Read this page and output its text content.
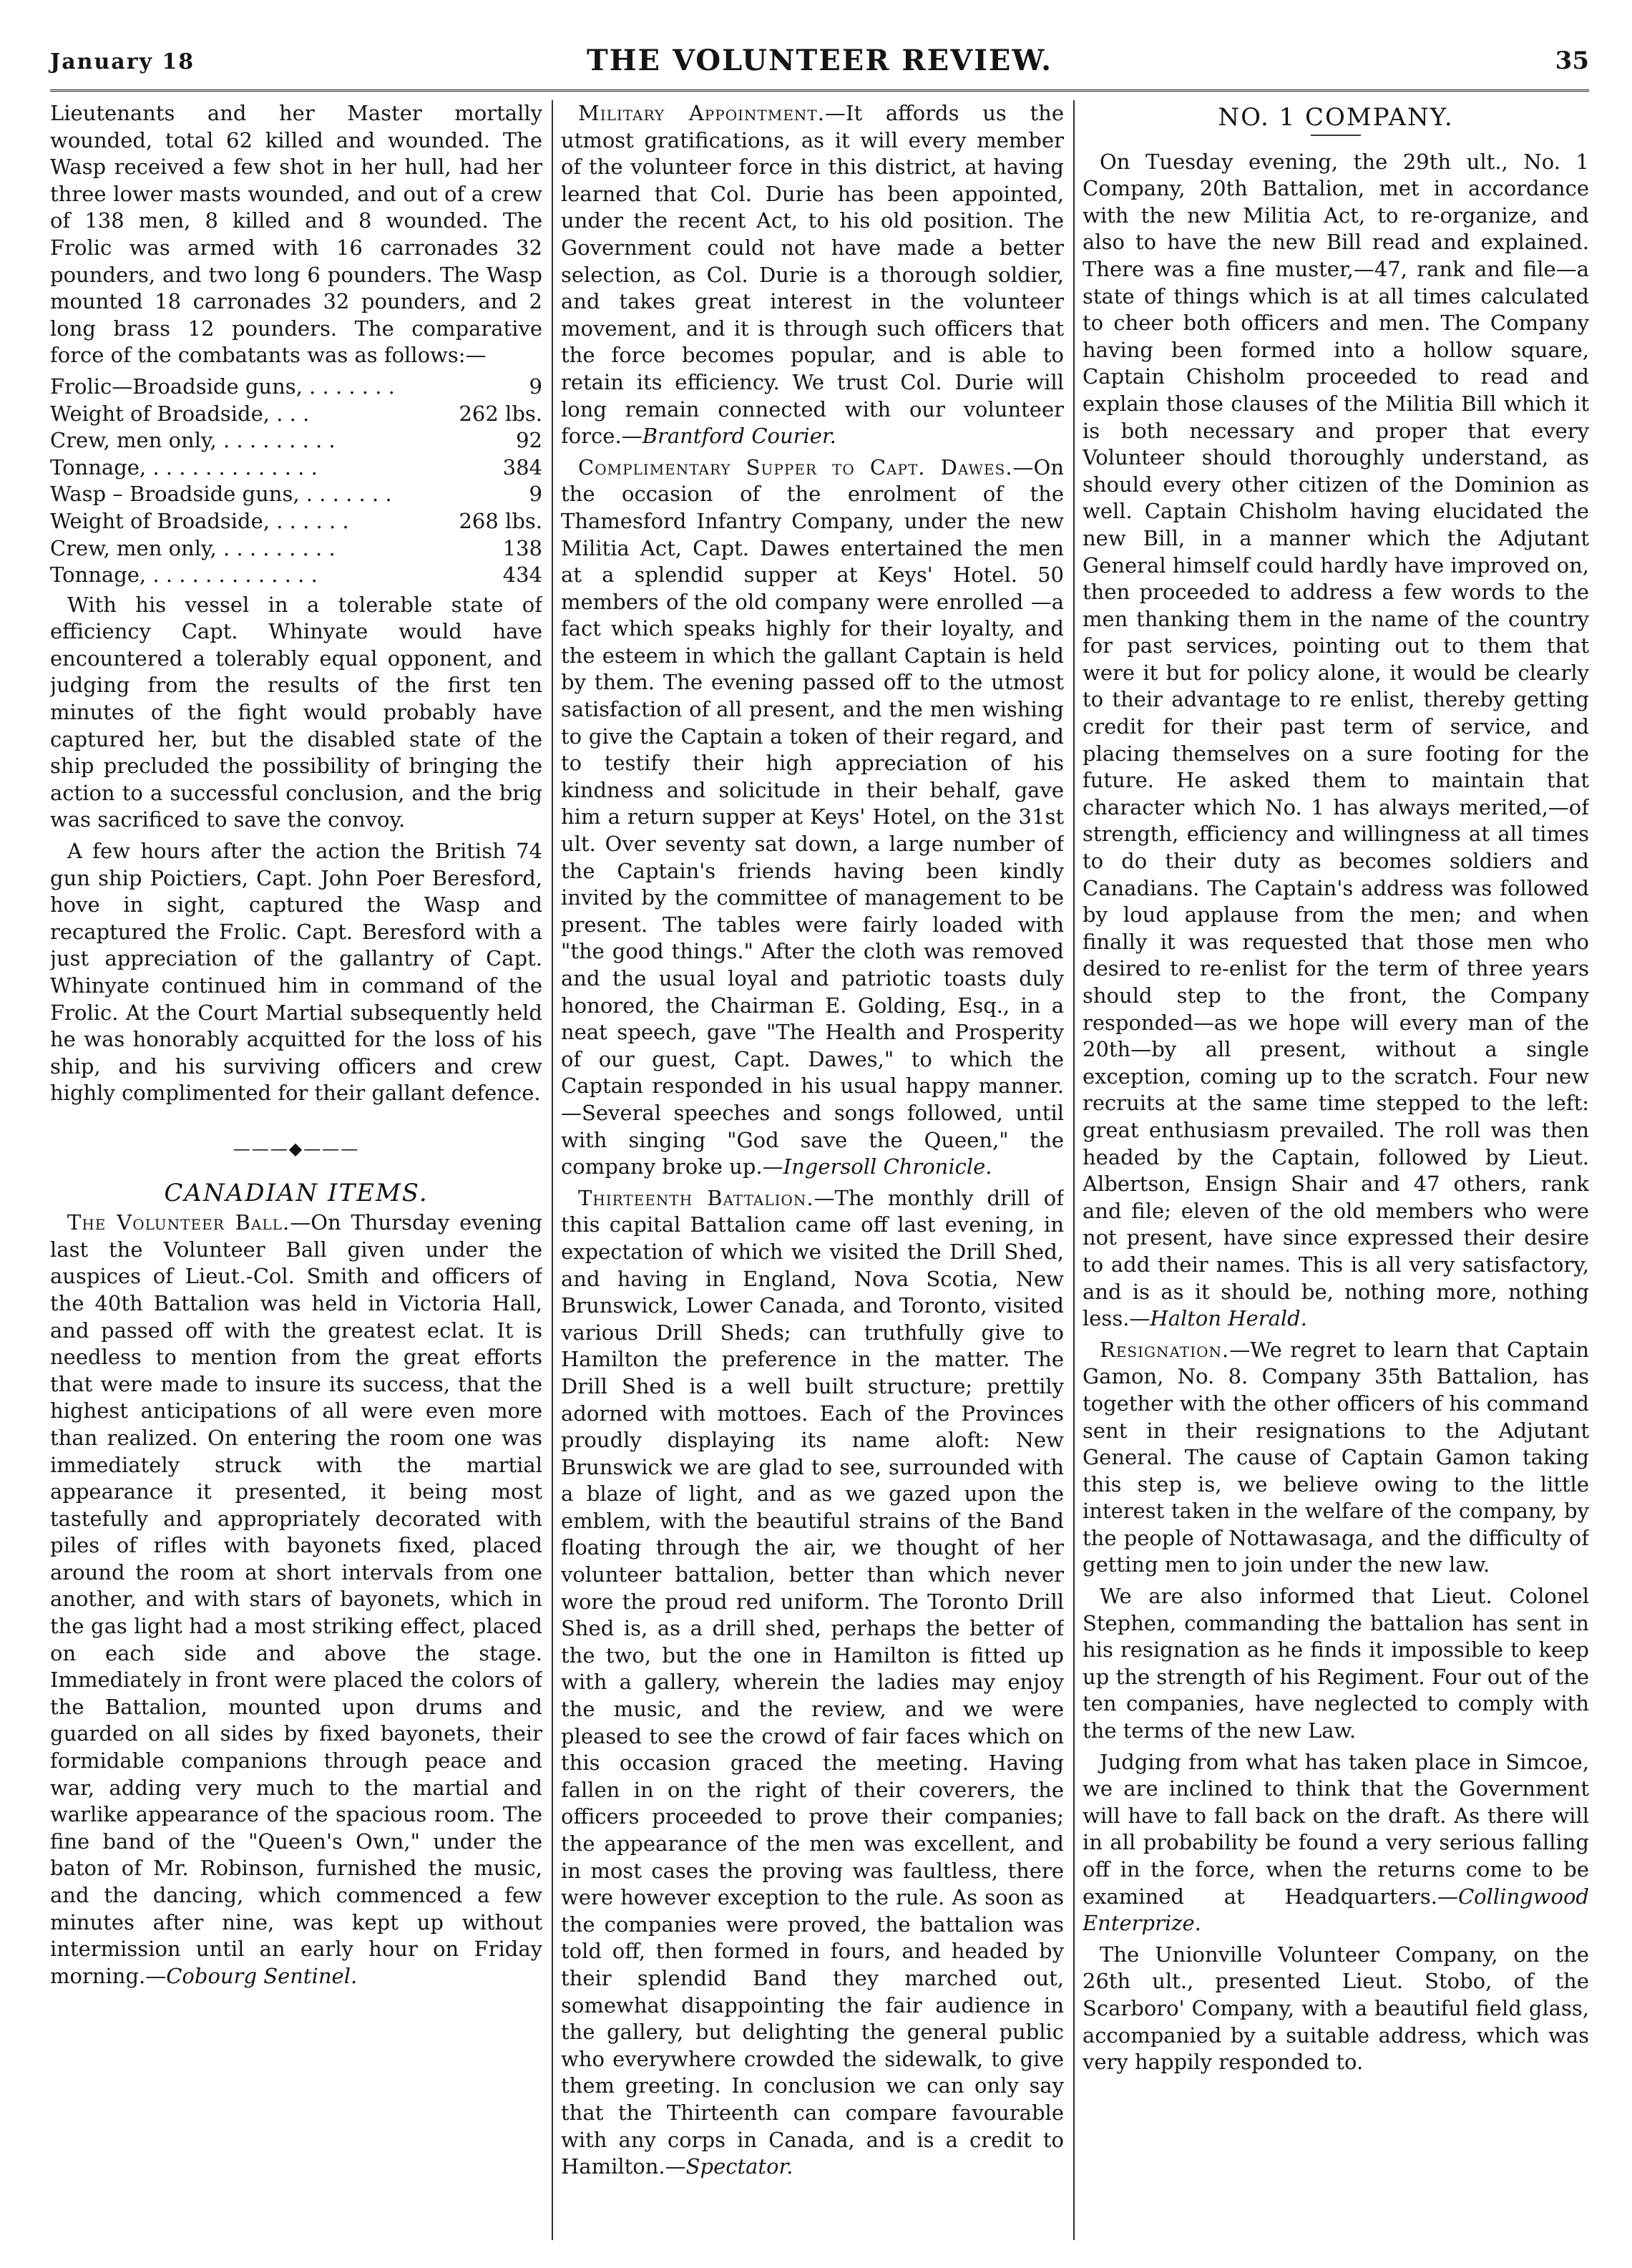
January 18	THE VOLUNTEER REVIEW.	35

Lieutenants and her Master mortally wounded, total 62 killed and wounded. The Wasp received a few shot in her hull, had her three lower masts wounded, and out of a crew of 138 men, 8 killed and 8 wounded. The Frolic was armed with 16 carronades 32 pounders, and two long 6 pounders. The Wasp mounted 18 carronades 32 pounders, and 2 long brass 12 pounders. The comparative force of the combatants was as follows:—

Frolic—Broadside guns, . . . . . . .	9
Weight of Broadside, . . .	262 lbs.
Crew, men only, . . . . . . . . .	92
Tonnage, . . . . . . . . . . . . .	384
Wasp – Broadside guns, . . . . . . .	9
Weight of Broadside, . . . . . .	268 lbs.
Crew, men only, . . . . . . . . .	138
Tonnage, . . . . . . . . . . . . .	434

With his vessel in a tolerable state of efficiency Capt. Whinyate would have encountered a tolerably equal opponent, and judging from the results of the first ten minutes of the fight would probably have captured her, but the disabled state of the ship precluded the possibility of bringing the action to a successful conclusion, and the brig was sacrificed to save the convoy.

A few hours after the action the British 74 gun ship Poictiers, Capt. John Poer Beresford, hove in sight, captured the Wasp and recaptured the Frolic. Capt. Beresford with a just appreciation of the gallantry of Capt. Whinyate continued him in command of the Frolic. At the Court Martial subsequently held he was honorably acquitted for the loss of his ship, and his surviving officers and crew highly complimented for their gallant defence.

———◆———
CANADIAN ITEMS.

The Volunteer Ball.—On Thursday evening last the Volunteer Ball given under the auspices of Lieut.-Col. Smith and officers of the 40th Battalion was held in Victoria Hall, and passed off with the greatest eclat. It is needless to mention from the great efforts that were made to insure its success, that the highest anticipations of all were even more than realized. On entering the room one was immediately struck with the martial appearance it presented, it being most tastefully and appropriately decorated with piles of rifles with bayonets fixed, placed around the room at short intervals from one another, and with stars of bayonets, which in the gas light had a most striking effect, placed on each side and above the stage. Immediately in front were placed the colors of the Battalion, mounted upon drums and guarded on all sides by fixed bayonets, their formidable companions through peace and war, adding very much to the martial and warlike appearance of the spacious room. The fine band of the "Queen's Own," under the baton of Mr. Robinson, furnished the music, and the dancing, which commenced a few minutes after nine, was kept up without intermission until an early hour on Friday morning.—Cobourg Sentinel.

Military Appointment.—It affords us the utmost gratifications, as it will every member of the volunteer force in this district, at having learned that Col. Durie has been appointed, under the recent Act, to his old position. The Government could not have made a better selection, as Col. Durie is a thorough soldier, and takes great interest in the volunteer movement, and it is through such officers that the force becomes popular, and is able to retain its efficiency. We trust Col. Durie will long remain connected with our volunteer force.—Brantford Courier.

Complimentary Supper to Capt. Dawes.—On the occasion of the enrolment of the Thamesford Infantry Company, under the new Militia Act, Capt. Dawes entertained the men at a splendid supper at Keys' Hotel. 50 members of the old company were enrolled —a fact which speaks highly for their loyalty, and the esteem in which the gallant Captain is held by them. The evening passed off to the utmost satisfaction of all present, and the men wishing to give the Captain a token of their regard, and to testify their high appreciation of his kindness and solicitude in their behalf, gave him a return supper at Keys' Hotel, on the 31st ult. Over seventy sat down, a large number of the Captain's friends having been kindly invited by the committee of management to be present. The tables were fairly loaded with "the good things." After the cloth was removed and the usual loyal and patriotic toasts duly honored, the Chairman E. Golding, Esq., in a neat speech, gave "The Health and Prosperity of our guest, Capt. Dawes," to which the Captain responded in his usual happy manner.—Several speeches and songs followed, until with singing "God save the Queen," the company broke up.—Ingersoll Chronicle.

Thirteenth Battalion.—The monthly drill of this capital Battalion came off last evening, in expectation of which we visited the Drill Shed, and having in England, Nova Scotia, New Brunswick, Lower Canada, and Toronto, visited various Drill Sheds; can truthfully give to Hamilton the preference in the matter. The Drill Shed is a well built structure; prettily adorned with mottoes. Each of the Provinces proudly displaying its name aloft: New Brunswick we are glad to see, surrounded with a blaze of light, and as we gazed upon the emblem, with the beautiful strains of the Band floating through the air, we thought of her volunteer battalion, better than which never wore the proud red uniform. The Toronto Drill Shed is, as a drill shed, perhaps the better of the two, but the one in Hamilton is fitted up with a gallery, wherein the ladies may enjoy the music, and the review, and we were pleased to see the crowd of fair faces which on this occasion graced the meeting. Having fallen in on the right of their coverers, the officers proceeded to prove their companies; the appearance of the men was excellent, and in most cases the proving was faultless, there were however exception to the rule. As soon as the companies were proved, the battalion was told off, then formed in fours, and headed by their splendid Band they marched out, somewhat disappointing the fair audience in the gallery, but delighting the general public who everywhere crowded the sidewalk, to give them greeting. In conclusion we can only say that the Thirteenth can compare favourable with any corps in Canada, and is a credit to Hamilton.—Spectator.

NO. 1 COMPANY.

On Tuesday evening, the 29th ult., No. 1 Company, 20th Battalion, met in accordance with the new Militia Act, to re-organize, and also to have the new Bill read and explained. There was a fine muster,—47, rank and file—a state of things which is at all times calculated to cheer both officers and men. The Company having been formed into a hollow square, Captain Chisholm proceeded to read and explain those clauses of the Militia Bill which it is both necessary and proper that every Volunteer should thoroughly understand, as should every other citizen of the Dominion as well. Captain Chisholm having elucidated the new Bill, in a manner which the Adjutant General himself could hardly have improved on, then proceeded to address a few words to the men thanking them in the name of the country for past services, pointing out to them that were it but for policy alone, it would be clearly to their advantage to re enlist, thereby getting credit for their past term of service, and placing themselves on a sure footing for the future. He asked them to maintain that character which No. 1 has always merited,—of strength, efficiency and willingness at all times to do their duty as becomes soldiers and Canadians. The Captain's address was followed by loud applause from the men; and when finally it was requested that those men who desired to re-enlist for the term of three years should step to the front, the Company responded—as we hope will every man of the 20th—by all present, without a single exception, coming up to the scratch. Four new recruits at the same time stepped to the left: great enthusiasm prevailed. The roll was then headed by the Captain, followed by Lieut. Albertson, Ensign Shair and 47 others, rank and file; eleven of the old members who were not present, have since expressed their desire to add their names. This is all very satisfactory, and is as it should be, nothing more, nothing less.—Halton Herald.

Resignation.—We regret to learn that Captain Gamon, No. 8. Company 35th Battalion, has together with the other officers of his command sent in their resignations to the Adjutant General. The cause of Captain Gamon taking this step is, we believe owing to the little interest taken in the welfare of the company, by the people of Nottawasaga, and the difficulty of getting men to join under the new law.

We are also informed that Lieut. Colonel Stephen, commanding the battalion has sent in his resignation as he finds it impossible to keep up the strength of his Regiment. Four out of the ten companies, have neglected to comply with the terms of the new Law.

Judging from what has taken place in Simcoe, we are inclined to think that the Government will have to fall back on the draft. As there will in all probability be found a very serious falling off in the force, when the returns come to be examined at Headquarters.—Collingwood Enterprize.

The Unionville Volunteer Company, on the 26th ult., presented Lieut. Stobo, of the Scarboro' Company, with a beautiful field glass, accompanied by a suitable address, which was very happily responded to.
